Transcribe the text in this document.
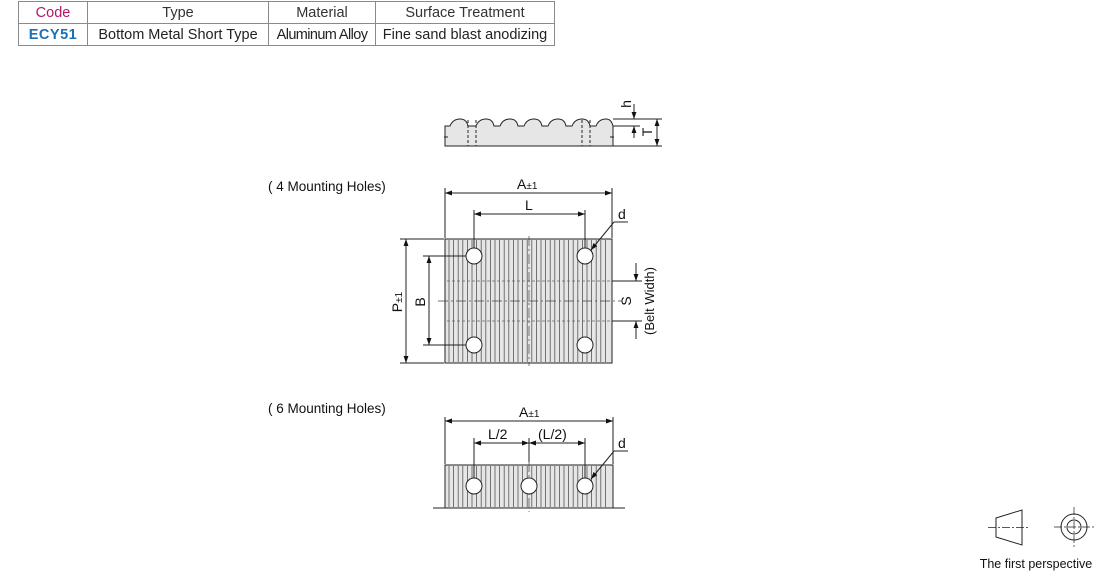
Code	Type	Material	Surface Treatment
ECY51	Bottom Metal Short Type	Aluminum Alloy	Fine sand blast anodizing
h
T
( 4 Mounting Holes)	A±1
L
d
P±1 B	S (Belt Width)
( 6 Mounting Holes)	A±1
L/2 (L/2)
d
The first perspective
